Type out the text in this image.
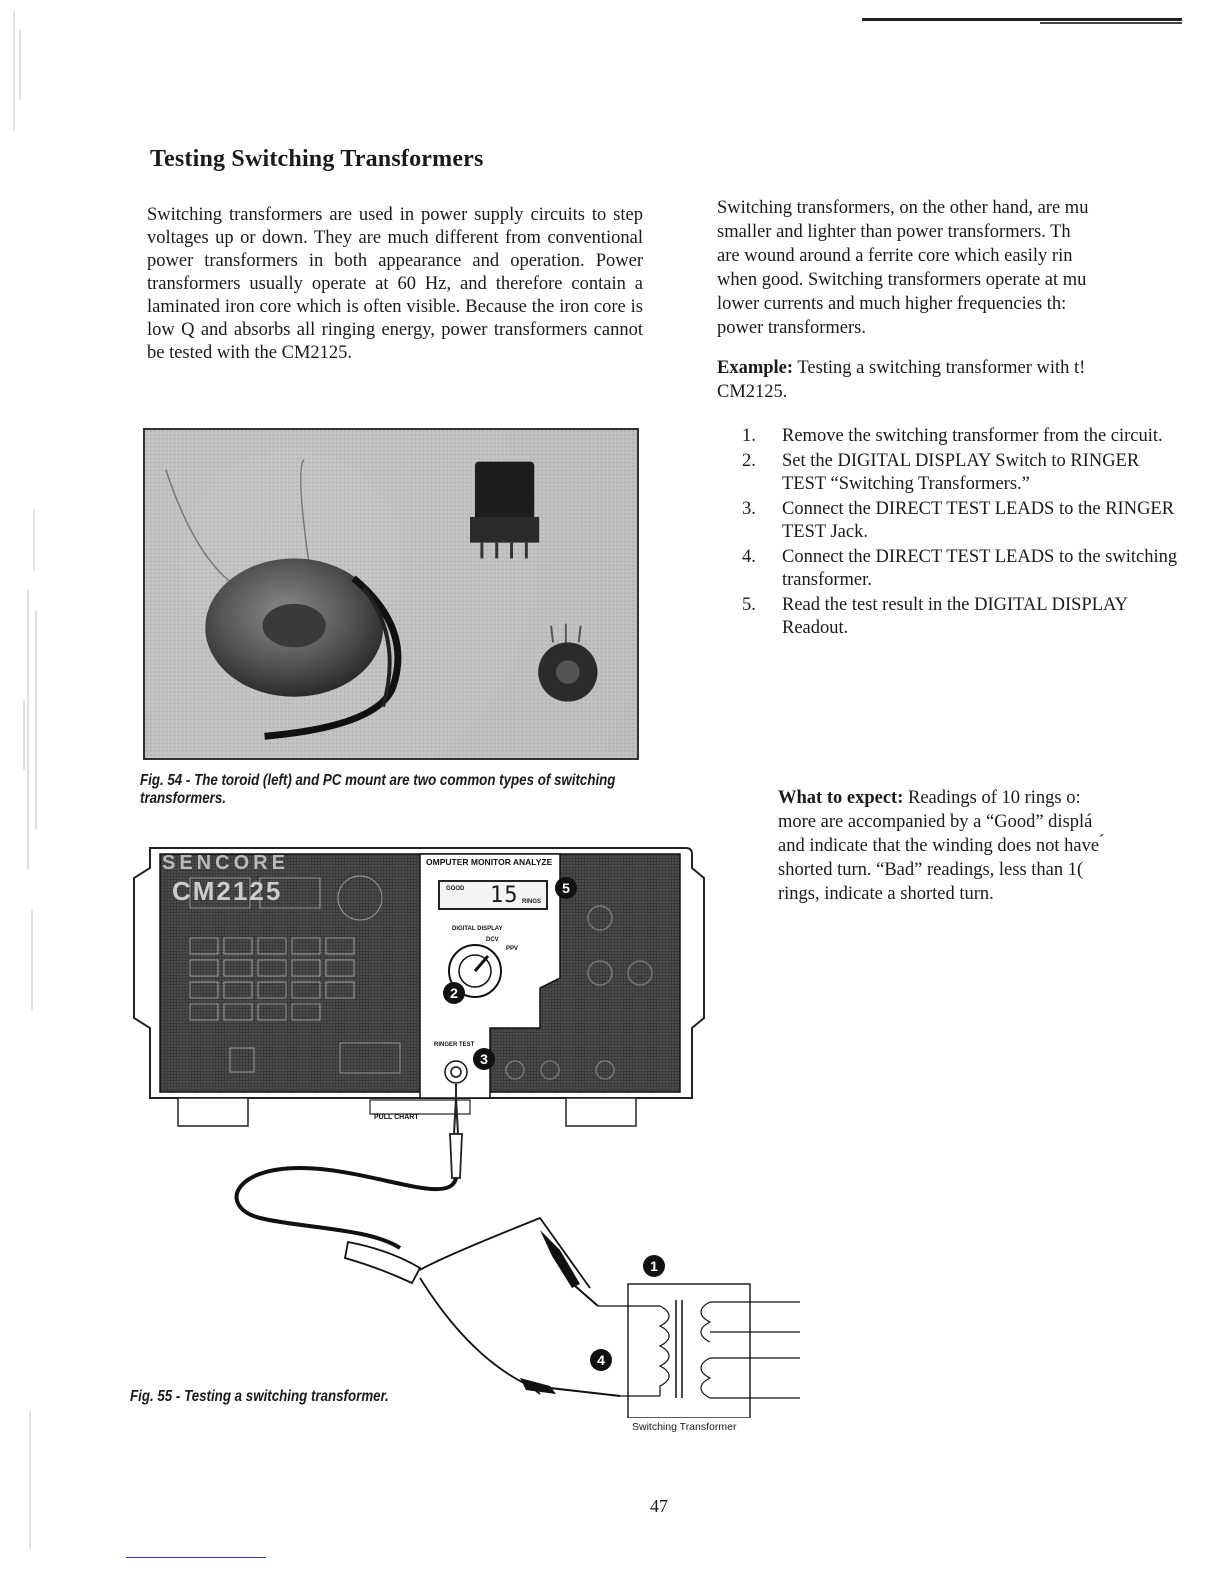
Testing Switching Transformers

Switching transformers are used in power supply circuits to step voltages up or down. They are much different from conventional power transformers in both appearance and operation. Power transformers usually operate at 60 Hz, and therefore contain a laminated iron core which is often visible. Because the iron core is low Q and absorbs all ringing energy, power transformers cannot be tested with the CM2125.

Switching transformers, on the other hand, are mu
smaller and lighter than power transformers. Th
are wound around a ferrite core which easily rin
when good. Switching transformers operate at mu
lower currents and much higher frequencies th:
power transformers.
Example: Testing a switching transformer with t!
CM2125.
1.	Remove the switching transformer from the circuit.
2.	Set the DIGITAL DISPLAY Switch to RINGER TEST “Switching Transformers.”
3.	Connect the DIRECT TEST LEADS to the RINGER TEST Jack.
4.	Connect the DIRECT TEST LEADS to the switching transformer.
5.	Read the test result in the DIGITAL DISPLAY Readout.
What to expect: Readings of 10 rings o:
more are accompanied by a “Good” displá
and indicate that the winding does not have ́
shorted turn. “Bad” readings, less than 1(
rings, indicate a shorted turn.

Fig. 54 - The toroid (left) and PC mount are two common types of switching transformers.

SENCORE
CM2125
OMPUTER MONITOR ANALYZE
GOOD 15 RINGS
DIGITAL DISPLAY
DCV
PPV
RINGER TEST
PULL CHART
1
2
3
4
5
Switching Transformer

Fig. 55 - Testing a switching transformer.

47
